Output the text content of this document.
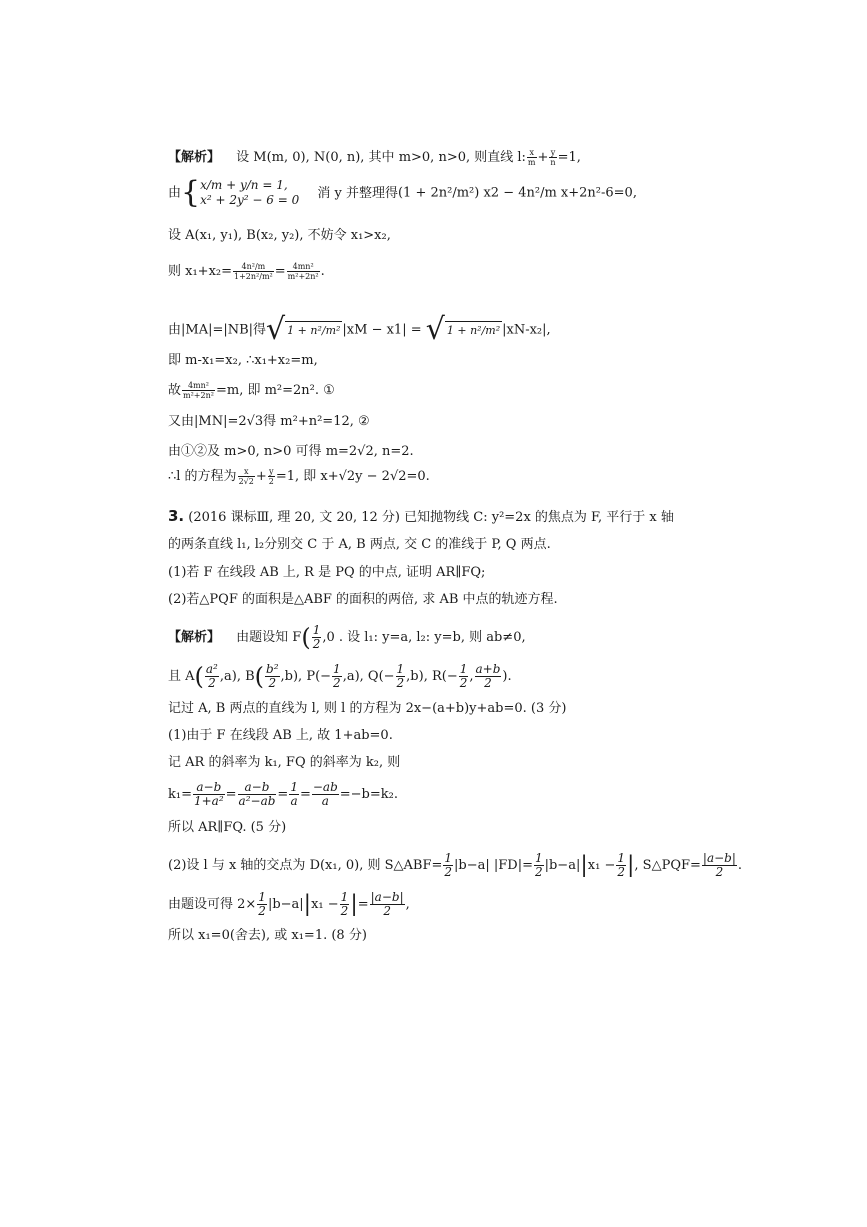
【解析】 设 M(m, 0), N(0, n), 其中 m>0, n>0, 则直线 l: $\frac{x}{m} + \frac{y}{n} =1$,
由{ x/m + y/n = 1,
x² + 2y² − 6 = 0 消 y 并整理得(1 + 2n²/m²) x2 − 4n²/m x+2n²-6=0,
设 A(x₁, y₁), B(x₂, y₂), 不妨令 x₁>x₂,
则 $x_1+x_2= \frac{\text{4n²/m}}{\text{1+2n²/m²}} = \frac{\text{4mn²}}{\text{m²+2n²}}$ .
由|MA|=|NB|得√ 1 + n²/m² |xM − x1| = √ 1 + n²/m² |xN-x₂|,
即 m-x₁=x₂, ∴x₁+x₂=m,
故 $\frac{\text{4mn²}}{\text{m²+2n²}} =m$, 即 m²=2n². ①
又由|MN|=2√3得 m²+n²=12, ②
由①②及 m>0, n>0 可得 m=2√2, n=2.
∴l 的方程为 $\frac{x}{2√2} + \frac{y}{2} =1$, 即 x+√2y − 2√2=0.
3. (2016 课标Ⅲ, 理 20, 文 20, 12 分) 已知抛物线 C: y²=2x 的焦点为 F, 平行于 x 轴
的两条直线 l₁, l₂分别交 C 于 A, B 两点, 交 C 的准线于 P, Q 两点.
(1)若 F 在线段 AB 上, R 是 PQ 的中点, 证明 AR∥FQ;
(2)若△PQF 的面积是△ABF 的面积的两倍, 求 AB 中点的轨迹方程.
【解析】 由题设知 $F( \frac{1}{2} ,0$ . 设 l₁: y=a, l₂: y=b, 则 ab≠0,
且 $A( \frac{\text{a²}}{2} ,a)$, $B( \frac{\text{b²}}{2} ,b)$, $P(- \frac{1}{2} ,a)$, $Q(- \frac{1}{2} ,b)$, $R(- \frac{1}{2}$ , $\frac{a+b}{2}$ ).
记过 A, B 两点的直线为 l, 则 l 的方程为 2x−(a+b)y+ab=0. (3 分)
(1)由于 F 在线段 AB 上, 故 1+ab=0.
记 AR 的斜率为 k₁, FQ 的斜率为 k₂, 则
$k_1= \frac{a-b}{\text{1+a²}} = \frac{a-b}{\text{a²−ab}} = \frac{1}{a} = \frac{-ab}{a} =-b=k_2$.
所以 AR∥FQ. (5 分)
(2)设 l 与 x 轴的交点为 D(x₁, 0), 则 S△ABF= $\frac{1}{2} |b-a|$ $|FD|= \frac{1}{2} |b-a||x_1 - \frac{1}{2}$ |, S△PQF= $\frac{|a-b|}{2}$ .
由题设可得 $2\times \frac{1}{2} |b-a||x_1 - \frac{1}{2}$ |= $\frac{|a-b|}{2}$ ,
所以 x₁=0(舍去), 或 x₁=1. (8 分)
